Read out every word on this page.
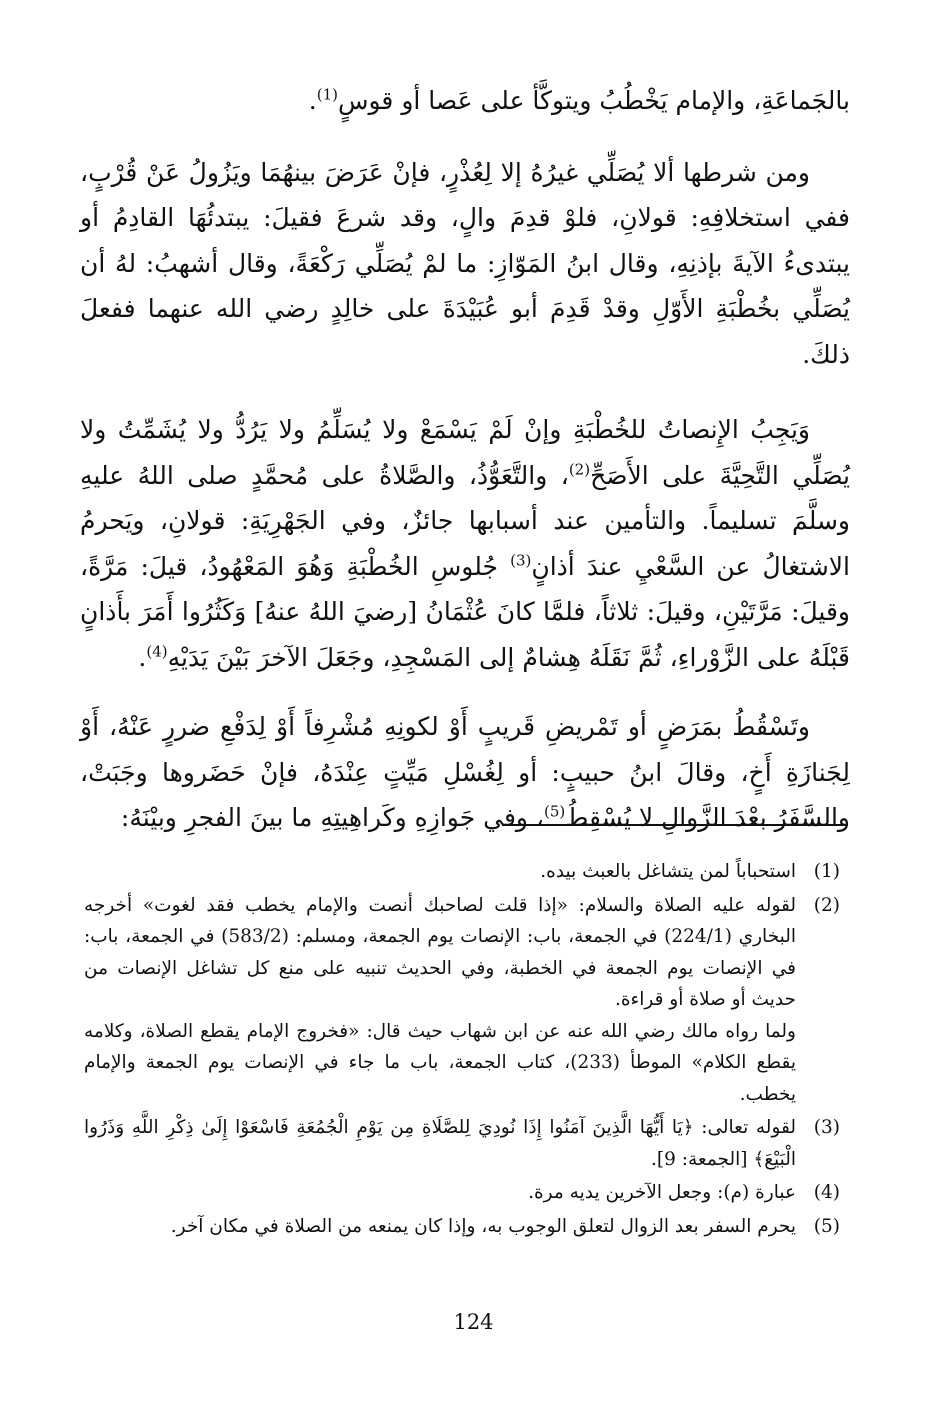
بالجَماعَةِ، والإمام يَخْطُبُ ويتوكَّأ على عَصا أو قوسٍ$^{(1)}$.

ومن شرطها ألا يُصَلِّي غيرُهُ إلا لِعُذْرٍ، فإنْ عَرَضَ بينهُمَا ويَزُولُ عَنْ قُرْبٍ، ففي استخلافِهِ: قولانِ، فلوْ قدِمَ والٍ، وقد شرعَ فقيلَ: يبتدئُهَا القادِمُ أو يبتدىءُ الآيةَ بإذنِهِ، وقال ابنُ المَوّازِ: ما لمْ يُصَلِّي رَكْعَةً، وقال أشهبُ: لهُ أن يُصَلِّي بخُطْبَةِ الأَوّلِ وقدْ قَدِمَ أبو عُبَيْدَةَ على خالِدٍ رضي الله عنهما ففعلَ ذلكَ.

وَيَجِبُ الإِنصاتُ للخُطْبَةِ وإنْ لَمْ يَسْمَعْ ولا يُسَلِّمُ ولا يَرُدُّ ولا يُشَمِّتُ ولا يُصَلِّي التَّحِيَّةَ على الأَصَحِّ$^{(2)}$، والتَّعَوُّذُ، والصَّلاةُ على مُحمَّدٍ صلى اللهُ عليهِ وسلَّمَ تسليماً. والتأمين عند أسبابها جائزٌ، وفي الجَهْرِيَةِ: قولانِ، ويَحرمُ الاشتغالُ عن السَّعْيِ عندَ أذانٍ$^{(3)}$ جُلوسِ الخُطْبَةِ وَهُوَ المَعْهُودُ، قيلَ: مَرَّةً، وقيلَ: مَرَّتَيْنِ، وقيلَ: ثلاثاً، فلمَّا كانَ عُثْمَانُ [رضيَ اللهُ عنهُ] وَكَثُرُوا أَمَرَ بأَذانٍ قَبْلَهُ على الزَّوْراءِ، ثُمَّ نَقَلَهُ هِشامٌ إلى المَسْجِدِ، وجَعَلَ الآخرَ بَيْنَ يَدَيْهِ$^{(4)}$.

وتَسْقُطُ بمَرَضٍ أو تَمْريضِ قَريبٍ أَوْ لكونِهِ مُشْرِفاً أَوْ لِدَفْعِ ضررٍ عَنْهُ، أَوْ لِجَنازَةِ أَخٍ، وقالَ ابنُ حبيبٍ: أو لِغُسْلِ مَيِّتٍ عِنْدَهُ، فإنْ حَضَروها وجَبَتْ، والسَّفَرُ بعْدَ الزَّوالِ لا يُسْقِطُ$^{(5)}$، وفي جَوازِهِ وكَراهِيتِهِ ما بينَ الفجرِ وبيْنَهُ:

(1)

استحباباً لمن يتشاغل بالعبث بيده.

(2)

لقوله عليه الصلاة والسلام: «إذا قلت لصاحبك أنصت والإمام يخطب فقد لغوت» أخرجه البخاري (224/1) في الجمعة، باب: الإنصات يوم الجمعة، ومسلم: (583/2) في الجمعة، باب: في الإنصات يوم الجمعة في الخطبة، وفي الحديث تنبيه على منع كل تشاغل الإنصات من حديث أو صلاة أو قراءة.

ولما رواه مالك رضي الله عنه عن ابن شهاب حيث قال: «فخروج الإمام يقطع الصلاة، وكلامه يقطع الكلام» الموطأ (233)، كتاب الجمعة، باب ما جاء في الإنصات يوم الجمعة والإمام يخطب.

(3)

لقوله تعالى: ﴿يَا أَيُّهَا الَّذِينَ آمَنُوا إِذَا نُودِيَ لِلصَّلَاةِ مِن يَوْمِ الْجُمُعَةِ فَاسْعَوْا إِلَىٰ ذِكْرِ اللَّهِ وَذَرُوا الْبَيْعَ﴾ [الجمعة: 9].

(4)

عبارة (م): وجعل الآخرين يديه مرة.

(5)

يحرم السفر بعد الزوال لتعلق الوجوب به، وإذا كان يمنعه من الصلاة في مكان آخر.

124
